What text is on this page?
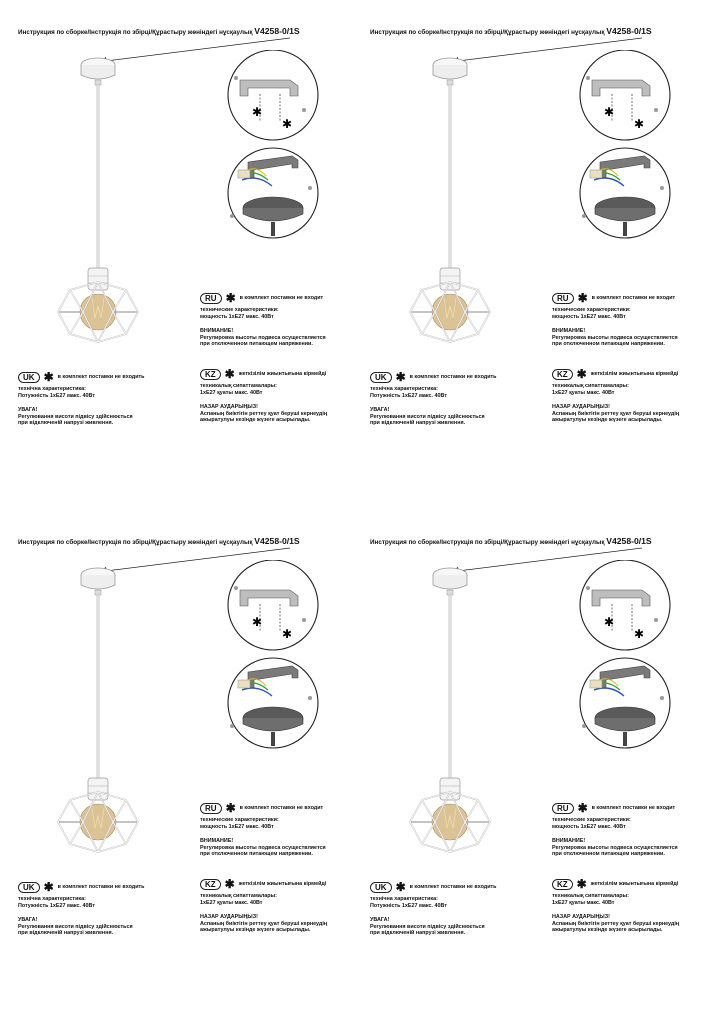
Инструкция по сборке/Інструкція по збірці/Құрастыру жөніндегі нұсқаулық V4258-0/1S
UK ✱ в комплект поставки не входить
технічна характеристика:
Потужність 1хЕ27 макс. 40Вт
УВАГА!
Регулювання висоти підвісу здійснюється
при відключеній напрузі живлення.
RU ✱ в комплект поставки не входит
технические характеристики:
мощность 1хЕ27 макс. 40Вт
ВНИМАНИЕ!
Регулировка высоты подвеса осуществляется
при отключенном питающем напряжении.
KZ ✱ жеткізілім жиынтығына кірмейді
техникалық сипаттамалары:
1хЕ27 қуаты макс. 40Вт
НАЗАР АУДАРЫҢЫЗ!
Аспаның биіктігін реттеу қуат беруші кернеудің
ажыратулуы кезінде жүзеге асырылады.
Инструкция по сборке/Інструкція по збірці/Құрастыру жөніндегі нұсқаулық V4258-0/1S
UK ✱ в комплект поставки не входить
технічна характеристика:
Потужність 1хЕ27 макс. 40Вт
УВАГА!
Регулювання висоти підвісу здійснюється
при відключеній напрузі живлення.
RU ✱ в комплект поставки не входит
технические характеристики:
мощность 1хЕ27 макс. 40Вт
ВНИМАНИЕ!
Регулировка высоты подвеса осуществляется
при отключенном питающем напряжении.
KZ ✱ жеткізілім жиынтығына кірмейді
техникалық сипаттамалары:
1хЕ27 қуаты макс. 40Вт
НАЗАР АУДАРЫҢЫЗ!
Аспаның биіктігін реттеу қуат беруші кернеудің
ажыратулуы кезінде жүзеге асырылады.
Инструкция по сборке/Інструкція по збірці/Құрастыру жөніндегі нұсқаулық V4258-0/1S
UK ✱ в комплект поставки не входить
технічна характеристика:
Потужність 1хЕ27 макс. 40Вт
УВАГА!
Регулювання висоти підвісу здійснюється
при відключеній напрузі живлення.
RU ✱ в комплект поставки не входит
технические характеристики:
мощность 1хЕ27 макс. 40Вт
ВНИМАНИЕ!
Регулировка высоты подвеса осуществляется
при отключенном питающем напряжении.
KZ ✱ жеткізілім жиынтығына кірмейді
техникалық сипаттамалары:
1хЕ27 қуаты макс. 40Вт
НАЗАР АУДАРЫҢЫЗ!
Аспаның биіктігін реттеу қуат беруші кернеудің
ажыратулуы кезінде жүзеге асырылады.
Инструкция по сборке/Інструкція по збірці/Құрастыру жөніндегі нұсқаулық V4258-0/1S
UK ✱ в комплект поставки не входить
технічна характеристика:
Потужність 1хЕ27 макс. 40Вт
УВАГА!
Регулювання висоти підвісу здійснюється
при відключеній напрузі живлення.
RU ✱ в комплект поставки не входит
технические характеристики:
мощность 1хЕ27 макс. 40Вт
ВНИМАНИЕ!
Регулировка высоты подвеса осуществляется
при отключенном питающем напряжении.
KZ ✱ жеткізілім жиынтығына кірмейді
техникалық сипаттамалары:
1хЕ27 қуаты макс. 40Вт
НАЗАР АУДАРЫҢЫЗ!
Аспаның биіктігін реттеу қуат беруші кернеудің
ажыратулуы кезінде жүзеге асырылады.
